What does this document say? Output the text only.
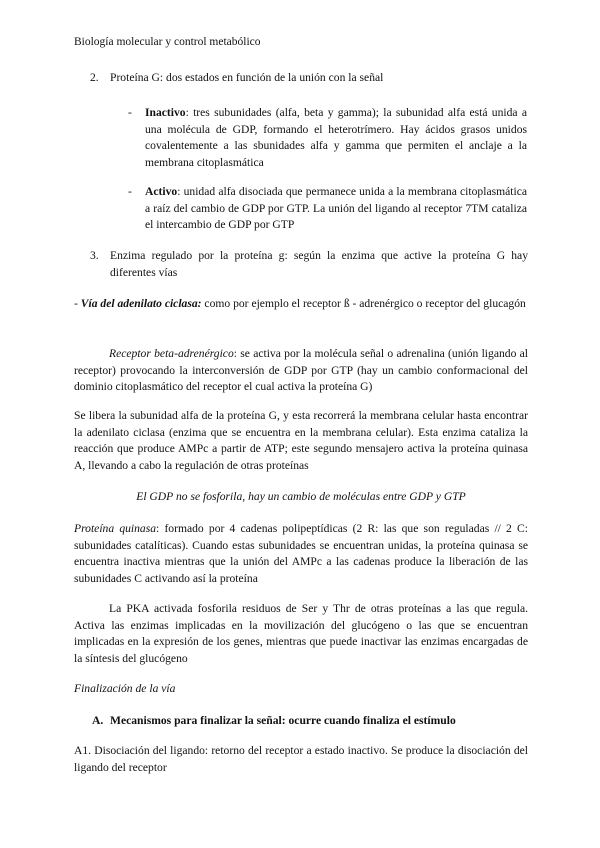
Biología molecular y control metabólico
2. Proteína G: dos estados en función de la unión con la señal
- Inactivo: tres subunidades (alfa, beta y gamma); la subunidad alfa está unida a una molécula de GDP, formando el heterotrímero. Hay ácidos grasos unidos covalentemente a las sbunidades alfa y gamma que permiten el anclaje a la membrana citoplasmática
- Activo: unidad alfa disociada que permanece unida a la membrana citoplasmática a raíz del cambio de GDP por GTP. La unión del ligando al receptor 7TM cataliza el intercambio de GDP por GTP
3. Enzima regulado por la proteína g: según la enzima que active la proteína G hay diferentes vías
- Vía del adenilato ciclasa: como por ejemplo el receptor ß - adrenérgico o receptor del glucagón
Receptor beta-adrenérgico: se activa por la molécula señal o adrenalina (unión ligando al receptor) provocando la interconversión de GDP por GTP (hay un cambio conformacional del dominio citoplasmático del receptor el cual activa la proteína G)
Se libera la subunidad alfa de la proteína G, y esta recorrerá la membrana celular hasta encontrar la adenilato ciclasa (enzima que se encuentra en la membrana celular). Esta enzima cataliza la reacción que produce AMPc a partir de ATP; este segundo mensajero activa la proteína quinasa A, llevando a cabo la regulación de otras proteínas
El GDP no se fosforila, hay un cambio de moléculas entre GDP y GTP
Proteína quinasa: formado por 4 cadenas polipeptídicas (2 R: las que son reguladas // 2 C: subunidades catalíticas). Cuando estas subunidades se encuentran unidas, la proteína quinasa se encuentra inactiva mientras que la unión del AMPc a las cadenas produce la liberación de las subunidades C activando así la proteína
La PKA activada fosforila residuos de Ser y Thr de otras proteínas a las que regula. Activa las enzimas implicadas en la movilización del glucógeno o las que se encuentran implicadas en la expresión de los genes, mientras que puede inactivar las enzimas encargadas de la síntesis del glucógeno
Finalización de la vía
A. Mecanismos para finalizar la señal: ocurre cuando finaliza el estímulo
A1. Disociación del ligando: retorno del receptor a estado inactivo. Se produce la disociación del ligando del receptor
